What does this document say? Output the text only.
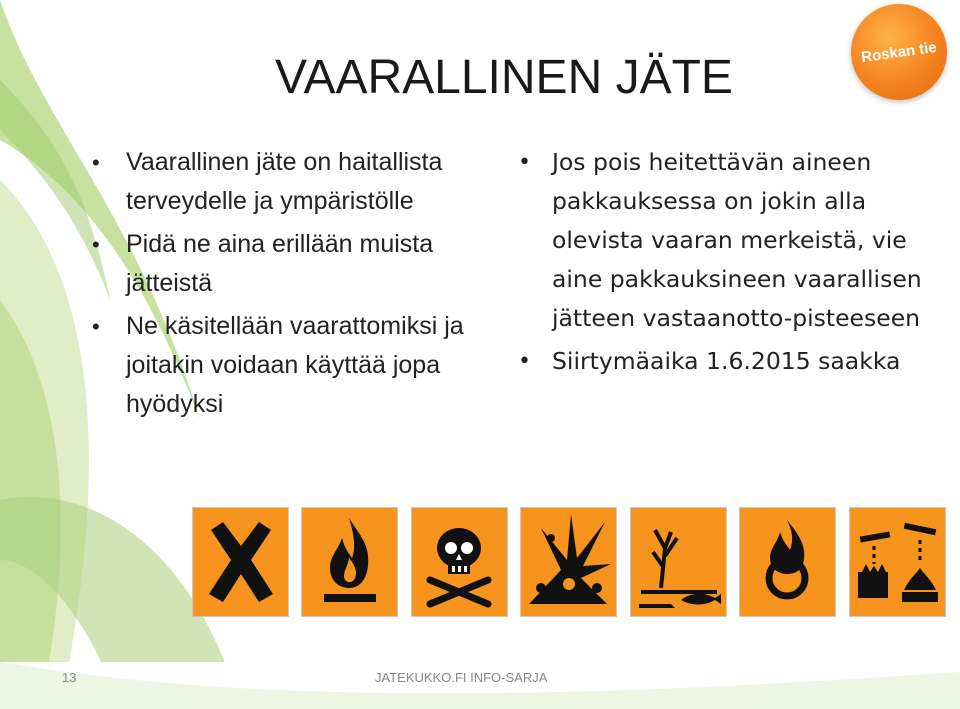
VAARALLINEN JÄTE	Roskan tie
• Vaarallinen jäte on haitallista terveydelle ja ympäristölle
• Pidä ne aina erillään muista jätteistä
• Ne käsitellään vaarattomiksi ja joitakin voidaan käyttää jopa hyödyksi
• Jos pois heitettävän aineen pakkauksessa on jokin alla olevista vaaran merkeistä, vie aine pakkauksineen vaarallisen jätteen vastaanotto-pisteeseen
• Siirtymäaika 1.6.2015 saakka
13	JATEKUKKO.FI INFO-SARJA
